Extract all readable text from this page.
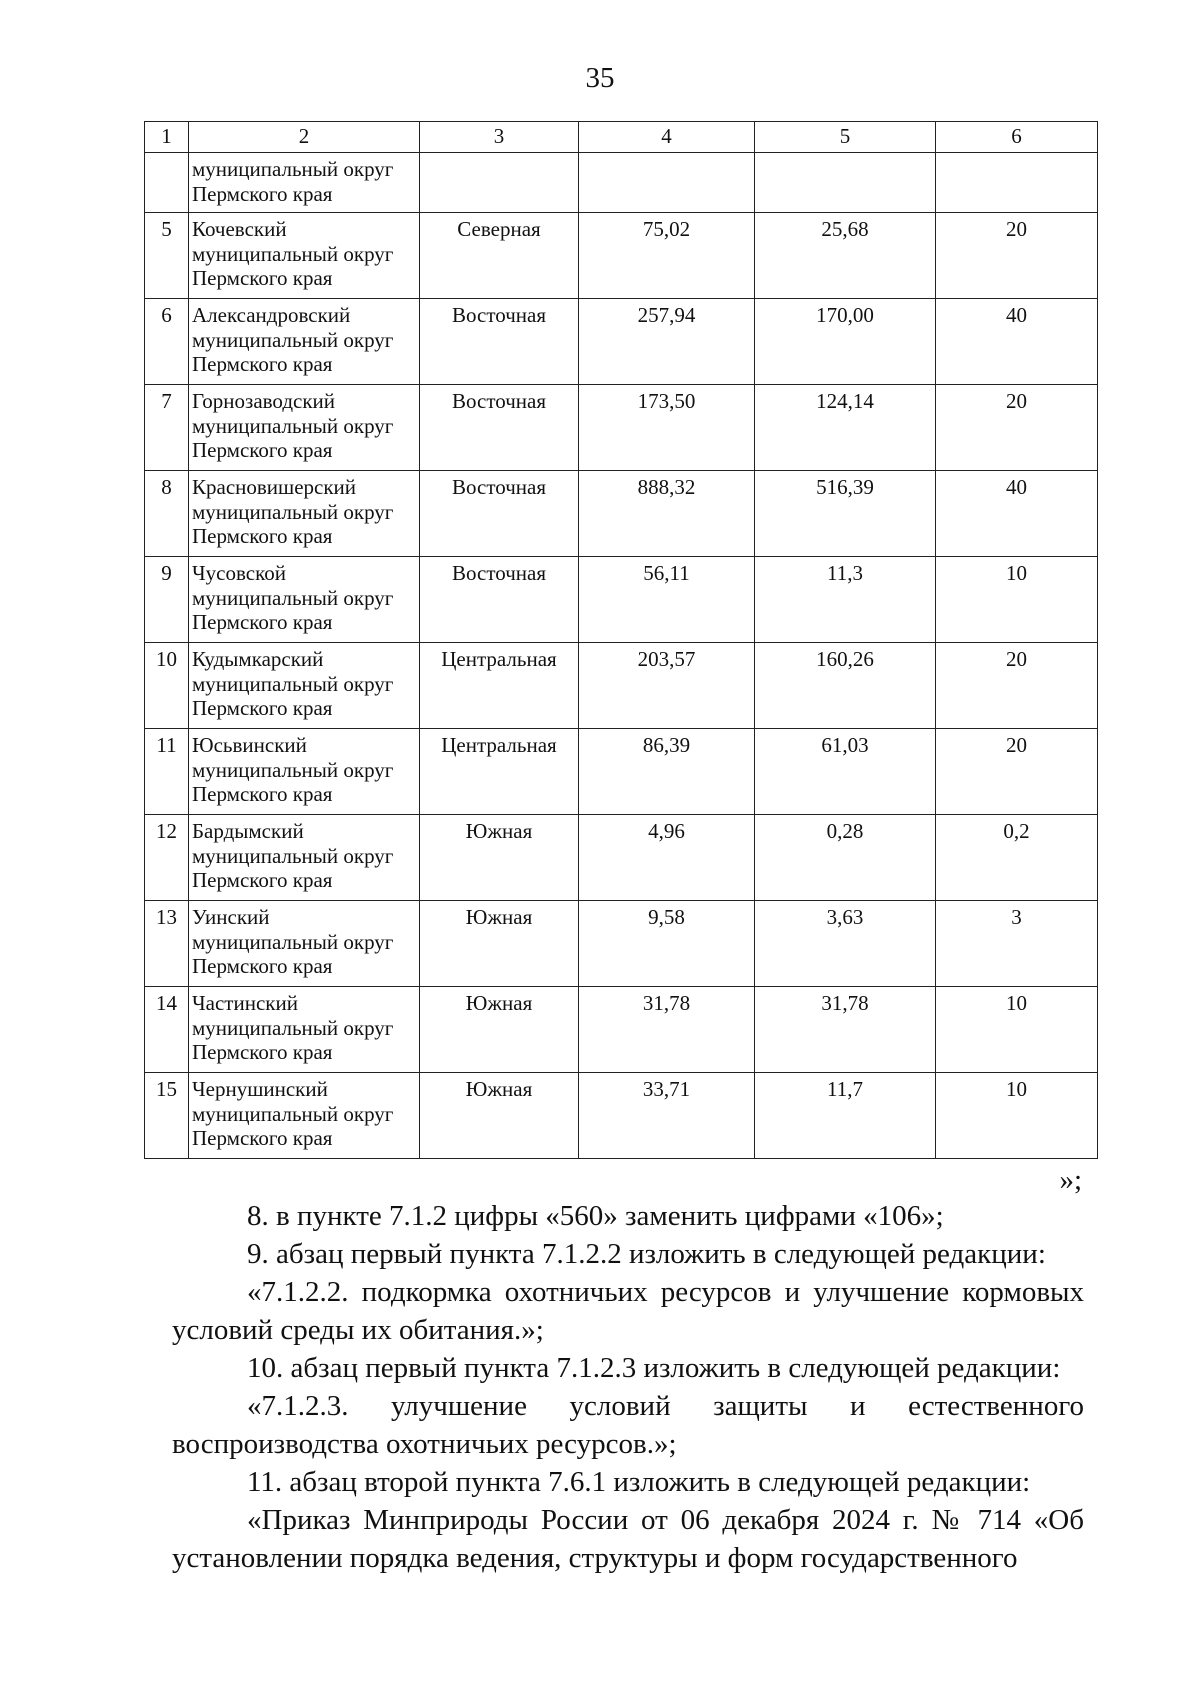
35
1	2	3	4	5	6
	муниципальный округ Пермского края				
5	Кочевский
муниципальный округ
Пермского края	Северная	75,02	25,68	20
6	Александровский
муниципальный округ
Пермского края	Восточная	257,94	170,00	40
7	Горнозаводский
муниципальный округ
Пермского края	Восточная	173,50	124,14	20
8	Красновишерский
муниципальный округ
Пермского края	Восточная	888,32	516,39	40
9	Чусовской
муниципальный округ
Пермского края	Восточная	56,11	11,3	10
10	Кудымкарский
муниципальный округ
Пермского края	Центральная	203,57	160,26	20
11	Юсьвинский
муниципальный округ
Пермского края	Центральная	86,39	61,03	20
12	Бардымский
муниципальный округ
Пермского края	Южная	4,96	0,28	0,2
13	Уинский
муниципальный округ
Пермского края	Южная	9,58	3,63	3
14	Частинский
муниципальный округ
Пермского края	Южная	31,78	31,78	10
15	Чернушинский
муниципальный округ
Пермского края	Южная	33,71	11,7	10
»;

8. в пункте 7.1.2 цифры «560» заменить цифрами «106»;

9. абзац первый пункта 7.1.2.2 изложить в следующей редакции:

«7.1.2.2. подкормка охотничьих ресурсов и улучшение кормовых условий среды их обитания.»;

10. абзац первый пункта 7.1.2.3 изложить в следующей редакции:

«7.1.2.3. улучшение условий защиты и естественного воспроизводства охотничьих ресурсов.»;

11. абзац второй пункта 7.6.1 изложить в следующей редакции:

«Приказ Минприроды России от 06 декабря 2024 г. № 714 «Об установлении порядка ведения, структуры и форм государственного
